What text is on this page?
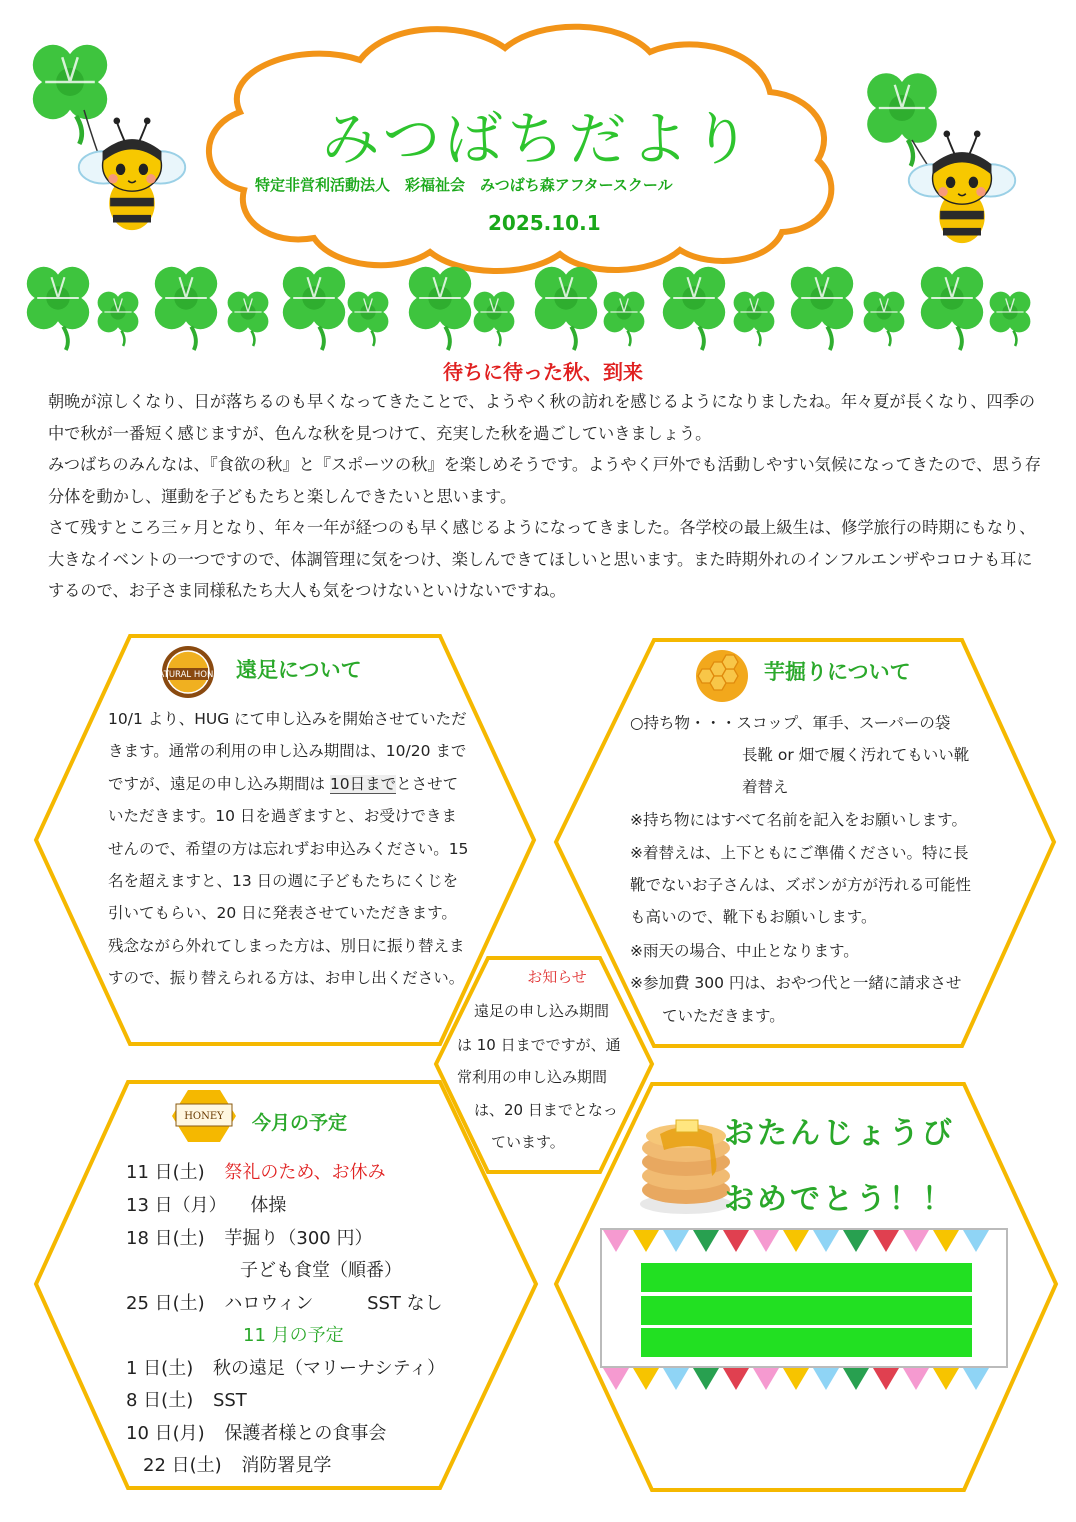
NATURAL HONEY
HONEY
みつばちだより
特定非営利活動法人　彩福祉会　みつばち森アフタースクール
2025.10.1
待ちに待った秋、到来

朝晩が涼しくなり、日が落ちるのも早くなってきたことで、ようやく秋の訪れを感じるようになりましたね。年々夏が長くなり、四季の中で秋が一番短く感じますが、色んな秋を見つけて、充実した秋を過ごしていきましょう。

みつばちのみんなは、『食欲の秋』と『スポーツの秋』を楽しめそうです。ようやく戸外でも活動しやすい気候になってきたので、思う存分体を動かし、運動を子どもたちと楽しんできたいと思います。

さて残すところ三ヶ月となり、年々一年が経つのも早く感じるようになってきました。各学校の最上級生は、修学旅行の時期にもなり、大きなイベントの一つですので、体調管理に気をつけ、楽しんできてほしいと思います。また時期外れのインフルエンザやコロナも耳にするので、お子さま同様私たち大人も気をつけないといけないですね。

遠足について
10/1 より、HUG にて申し込みを開始させていただきます。通常の利用の申し込み期間は、10/20 までですが、遠足の申し込み期間は 10日までとさせていただきます。10 日を過ぎますと、お受けできませんので、希望の方は忘れずお申込みください。15 名を超えますと、13 日の週に子どもたちにくじを引いてもらい、20 日に発表させていただきます。残念ながら外れてしまった方は、別日に振り替えますので、振り替えられる方は、お申し出ください。
芋掘りについて
○持ち物・・・スコップ、軍手、スーパーの袋
長靴 or 畑で履く汚れてもいい靴
着替え
※持ち物にはすべて名前を記入をお願いします。
※着替えは、上下ともにご準備ください。特に長
靴でないお子さんは、ズボンが方が汚れる可能性
も高いので、靴下もお願いします。
※雨天の場合、中止となります。
※参加費 300 円は、おやつ代と一緒に請求させ
ていただきます。
お知らせ
遠足の申し込み期間
は 10 日までですが、通
常利用の申し込み期間
は、20 日までとなっ
ています。
今月の予定
11 日(土) 祭礼のため、お休み
13 日（月） 体操
18 日(土) 芋掘り（300 円）
子ども食堂（順番）
25 日(土) ハロウィン	SST なし
11 月の予定
1 日(土) 秋の遠足（マリーナシティ）
8 日(土) SST
10 日(月) 保護者様との食事会
22 日(土) 消防署見学
おたんじょうび
おめでとう！！
